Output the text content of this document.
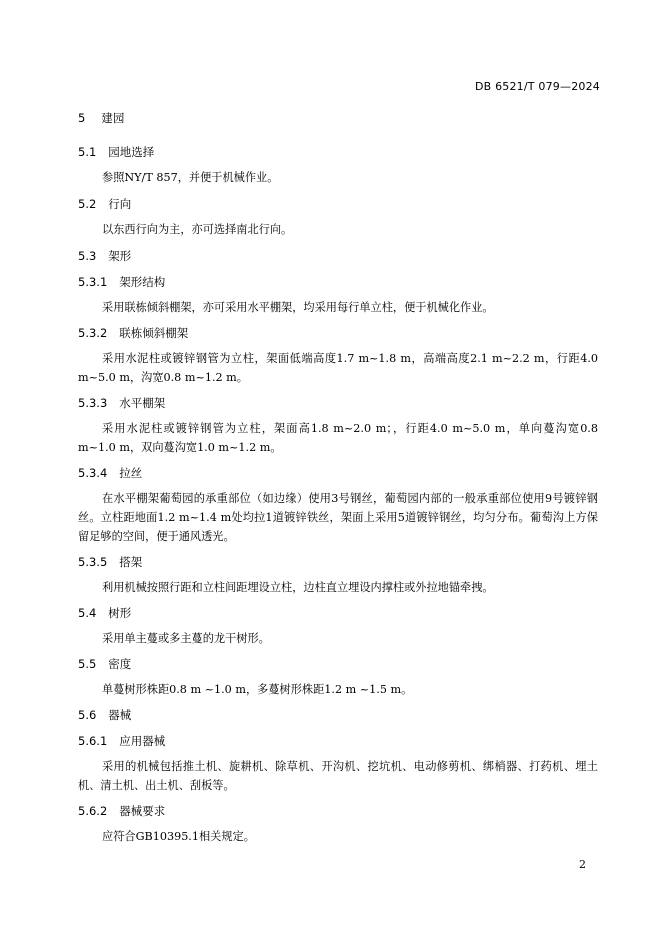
DB 6521/T 079—2024
5 建园
5.1 园地选择
参照NY/T 857，并便于机械作业。
5.2 行向
以东西行向为主，亦可选择南北行向。
5.3 架形
5.3.1 架形结构
采用联栋倾斜棚架，亦可采用水平棚架，均采用每行单立柱，便于机械化作业。
5.3.2 联栋倾斜棚架
采用水泥柱或镀锌钢管为立柱，架面低端高度1.7 m~1.8 m，高端高度2.1 m~2.2 m，行距4.0 m~5.0 m，沟宽0.8 m~1.2 m。
5.3.3 水平棚架
采用水泥柱或镀锌钢管为立柱，架面高1.8 m~2.0 m；，行距4.0 m~5.0 m，单向蔓沟宽0.8 m~1.0 m，双向蔓沟宽1.0 m~1.2 m。
5.3.4 拉丝
在水平棚架葡萄园的承重部位（如边缘）使用3号钢丝，葡萄园内部的一般承重部位使用9号镀锌钢丝。立柱距地面1.2 m~1.4 m处均拉1道镀锌铁丝，架面上采用5道镀锌钢丝，均匀分布。葡萄沟上方保留足够的空间，便于通风透光。
5.3.5 搭架
利用机械按照行距和立柱间距埋设立柱，边柱直立埋设内撑柱或外拉地锚牵拽。
5.4 树形
采用单主蔓或多主蔓的龙干树形。
5.5 密度
单蔓树形株距0.8 m ~1.0 m，多蔓树形株距1.2 m ~1.5 m。
5.6 器械
5.6.1 应用器械
采用的机械包括推土机、旋耕机、除草机、开沟机、挖坑机、电动修剪机、绑梢器、打药机、埋土机、清土机、出土机、刮板等。
5.6.2 器械要求
应符合GB10395.1相关规定。
2
